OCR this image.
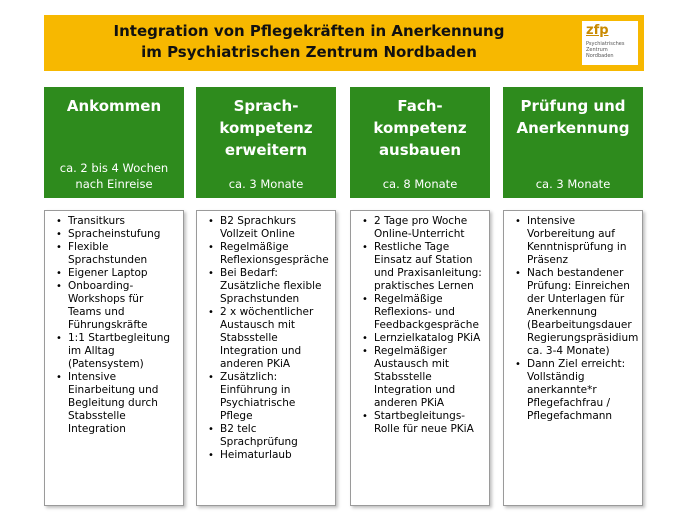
Integration von Pflegekräften in Anerkennung
im Psychiatrischen Zentrum Nordbaden
zfp
Psychiatrisches Zentrum
Nordbaden
Ankommen
ca. 2 bis 4 Wochen
nach Einreise
Sprach-
kompetenz
erweitern
ca. 3 Monate
Fach-
kompetenz
ausbauen
ca. 8 Monate
Prüfung und
Anerkennung
ca. 3 Monate
• Transitkurs
• Spracheinstufung
• Flexible Sprachstunden
• Eigener Laptop
• Onboarding-Workshops für Teams und Führungskräfte
• 1:1 Startbegleitung im Alltag (Patensystem)
• Intensive Einarbeitung und Begleitung durch Stabsstelle Integration
• B2 Sprachkurs Vollzeit Online
• Regelmäßige Reflexionsgespräche
• Bei Bedarf: Zusätzliche flexible Sprachstunden
• 2 x wöchentlicher Austausch mit Stabsstelle Integration und anderen PKiA
• Zusätzlich: Einführung in Psychiatrische Pflege
• B2 telc Sprachprüfung
• Heimaturlaub
• 2 Tage pro Woche Online-Unterricht
• Restliche Tage Einsatz auf Station und Praxisanleitung: praktisches Lernen
• Regelmäßige Reflexions- und Feedbackgespräche
• Lernzielkatalog PKiA
• Regelmäßiger Austausch mit Stabsstelle Integration und anderen PKiA
• Startbegleitungs-Rolle für neue PKiA
• Intensive Vorbereitung auf Kenntnisprüfung in Präsenz
• Nach bestandener Prüfung: Einreichen der Unterlagen für Anerkennung (Bearbeitungsdauer Regierungspräsidium ca. 3-4 Monate)
• Dann Ziel erreicht: Vollständig anerkannte*r Pflegefachfrau / Pflegefachmann
